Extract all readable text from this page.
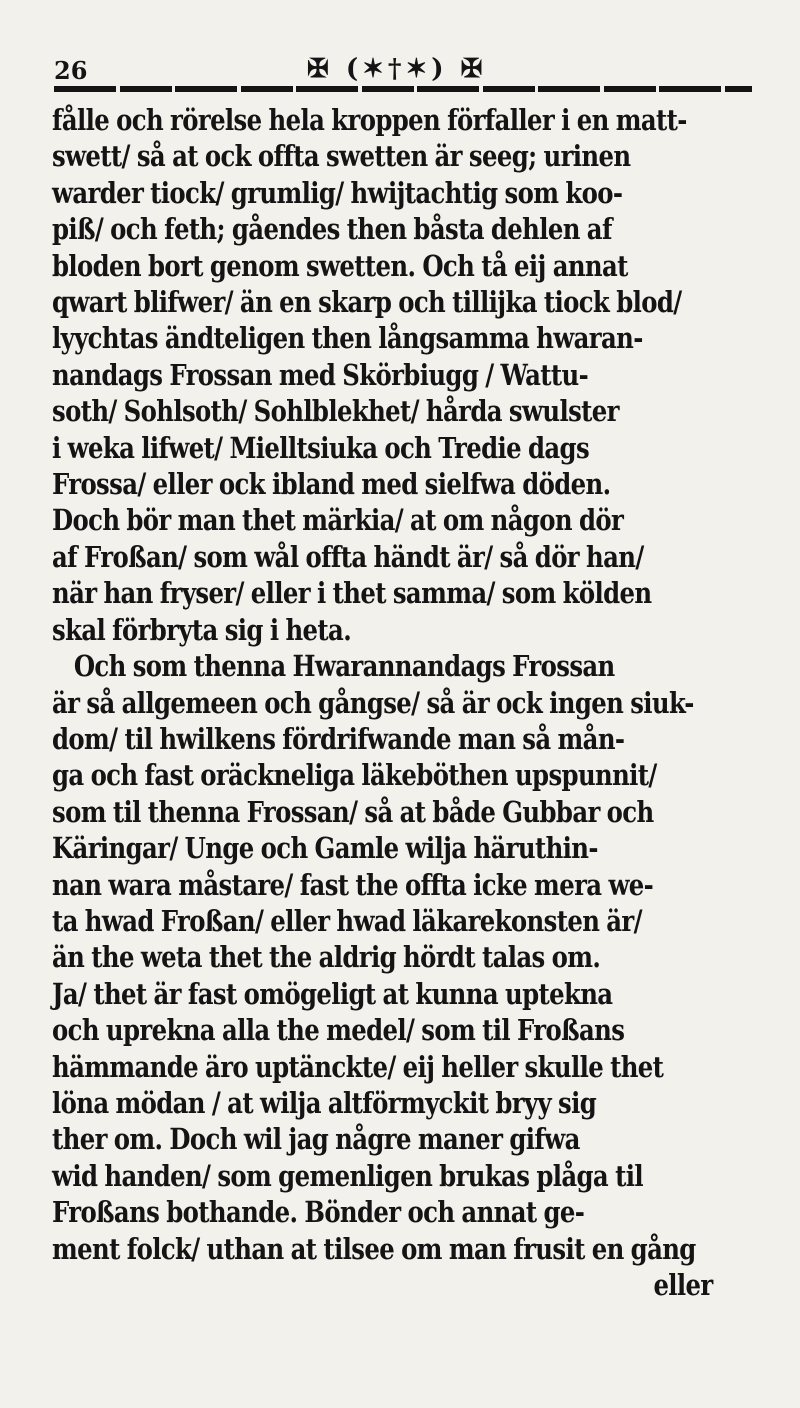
26	✠ (✶†✶) ✠
fålle och rörelse hela kroppen förfaller i en matt-
swett/ så at ock offta swetten är seeg; urinen
warder tiock/ grumlig/ hwijtachtig som koo-
piß/ och feth; gåendes then båsta dehlen af
bloden bort genom swetten. Och tå eij annat
qwart blifwer/ än en skarp och tillijka tiock blod/
lyychtas ändteligen then långsamma hwaran-
nandags Frossan med Skörbiugg / Wattu-
soth/ Sohlsoth/ Sohlblekhet/ hårda swulster
i weka lifwet/ Mielltsiuka och Tredie dags
Frossa/ eller ock ibland med sielfwa döden.
Doch bör man thet märkia/ at om någon dör
af Froßan/ som wål offta händt är/ så dör han/
när han fryser/ eller i thet samma/ som kölden
skal förbryta sig i heta.
Och som thenna Hwarannandags Frossan
är så allgemeen och gångse/ så är ock ingen siuk-
dom/ til hwilkens fördrifwande man så mån-
ga och fast oräckneliga läkeböthen upspunnit/
som til thenna Frossan/ så at både Gubbar och
Käringar/ Unge och Gamle wilja häruthin-
nan wara måstare/ fast the offta icke mera we-
ta hwad Froßan/ eller hwad läkarekonsten är/
än the weta thet the aldrig hördt talas om.
Ja/ thet är fast omögeligt at kunna uptekna
och uprekna alla the medel/ som til Froßans
hämmande äro uptänckte/ eij heller skulle thet
löna mödan / at wilja altförmyckit bryy sig
ther om. Doch wil jag någre maner gifwa
wid handen/ som gemenligen brukas plåga til
Froßans bothande. Bönder och annat ge-
ment folck/ uthan at tilsee om man frusit en gång
eller
